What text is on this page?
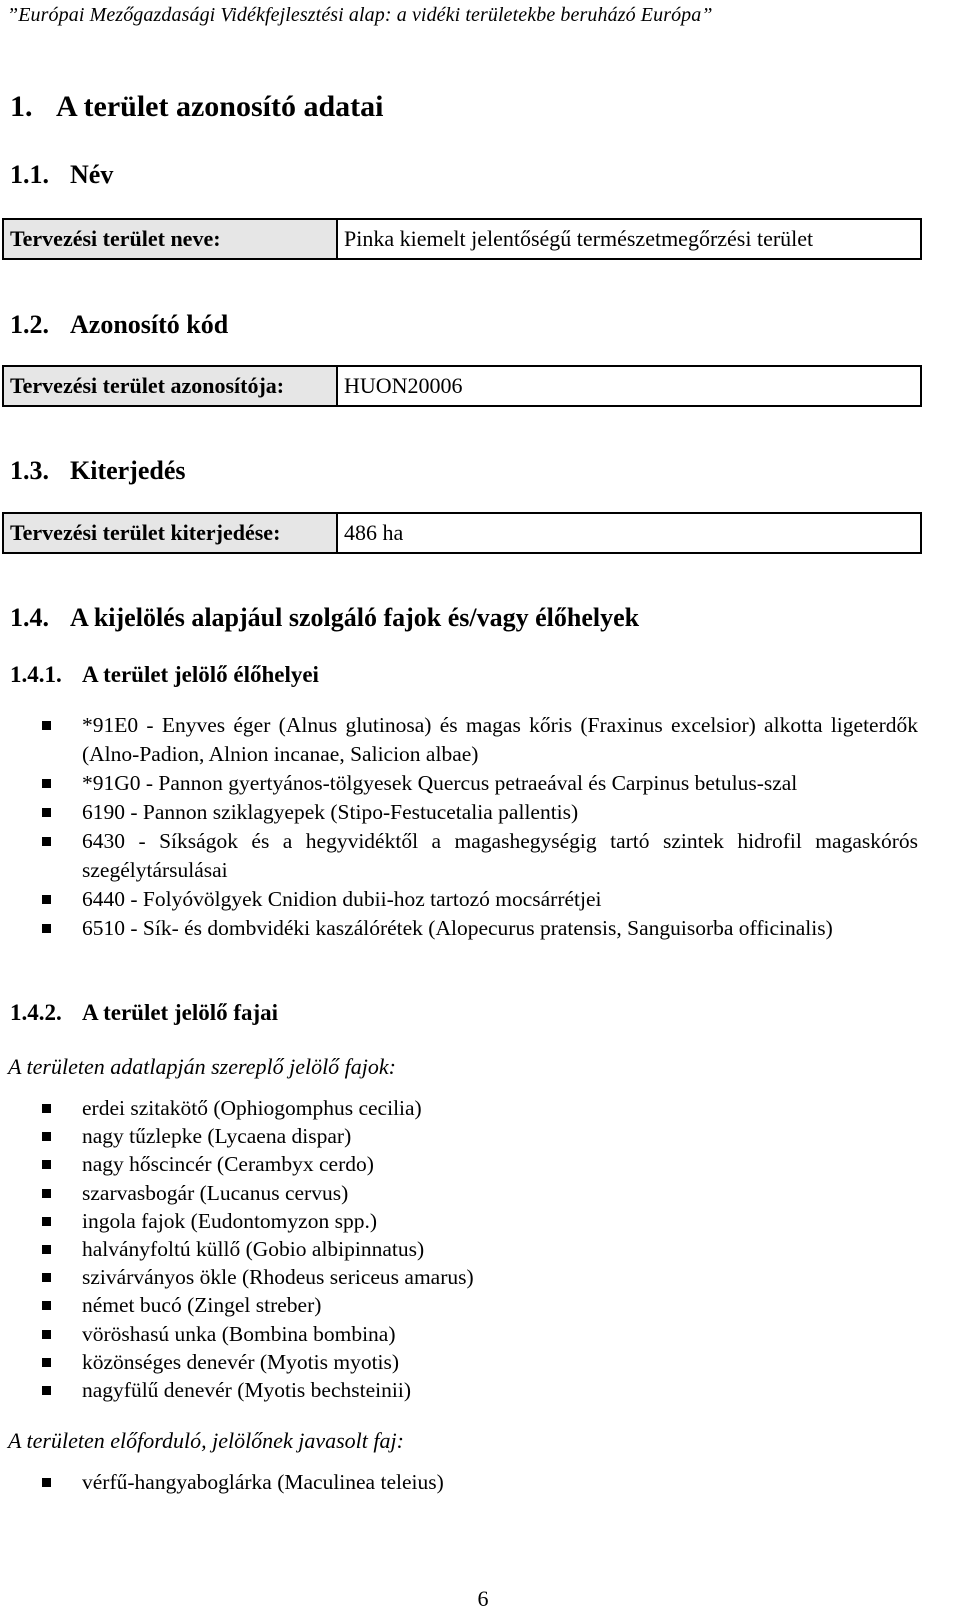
”Európai Mezőgazdasági Vidékfejlesztési alap: a vidéki területekbe beruházó Európa”
1. A terület azonosító adatai
1.1. Név
Tervezési terület neve:	Pinka kiemelt jelentőségű természetmegőrzési terület
1.2. Azonosító kód
Tervezési terület azonosítója:	HUON20006
1.3. Kiterjedés
Tervezési terület kiterjedése:	486 ha
1.4. A kijelölés alapjául szolgáló fajok és/vagy élőhelyek
1.4.1. A terület jelölő élőhelyei
*91E0 - Enyves éger (Alnus glutinosa) és magas kőris (Fraxinus excelsior) alkotta ligeterdők (Alno-Padion, Alnion incanae, Salicion albae)
*91G0 - Pannon gyertyános-tölgyesek Quercus petraeával és Carpinus betulus-szal
6190 - Pannon sziklagyepek (Stipo-Festucetalia pallentis)
6430 - Síkságok és a hegyvidéktől a magashegységig tartó szintek hidrofil magaskórós szegélytársulásai
6440 - Folyóvölgyek Cnidion dubii-hoz tartozó mocsárrétjei
6510 - Sík- és dombvidéki kaszálórétek (Alopecurus pratensis, Sanguisorba officinalis)
1.4.2. A terület jelölő fajai
A területen adatlapján szereplő jelölő fajok:
erdei szitakötő (Ophiogomphus cecilia)
nagy tűzlepke (Lycaena dispar)
nagy hőscincér (Cerambyx cerdo)
szarvasbogár (Lucanus cervus)
ingola fajok (Eudontomyzon spp.)
halványfoltú küllő (Gobio albipinnatus)
szivárványos ökle (Rhodeus sericeus amarus)
német bucó (Zingel streber)
vöröshasú unka (Bombina bombina)
közönséges denevér (Myotis myotis)
nagyfülű denevér (Myotis bechsteinii)
A területen előforduló, jelölőnek javasolt faj:
vérfű-hangyaboglárka (Maculinea teleius)
6
